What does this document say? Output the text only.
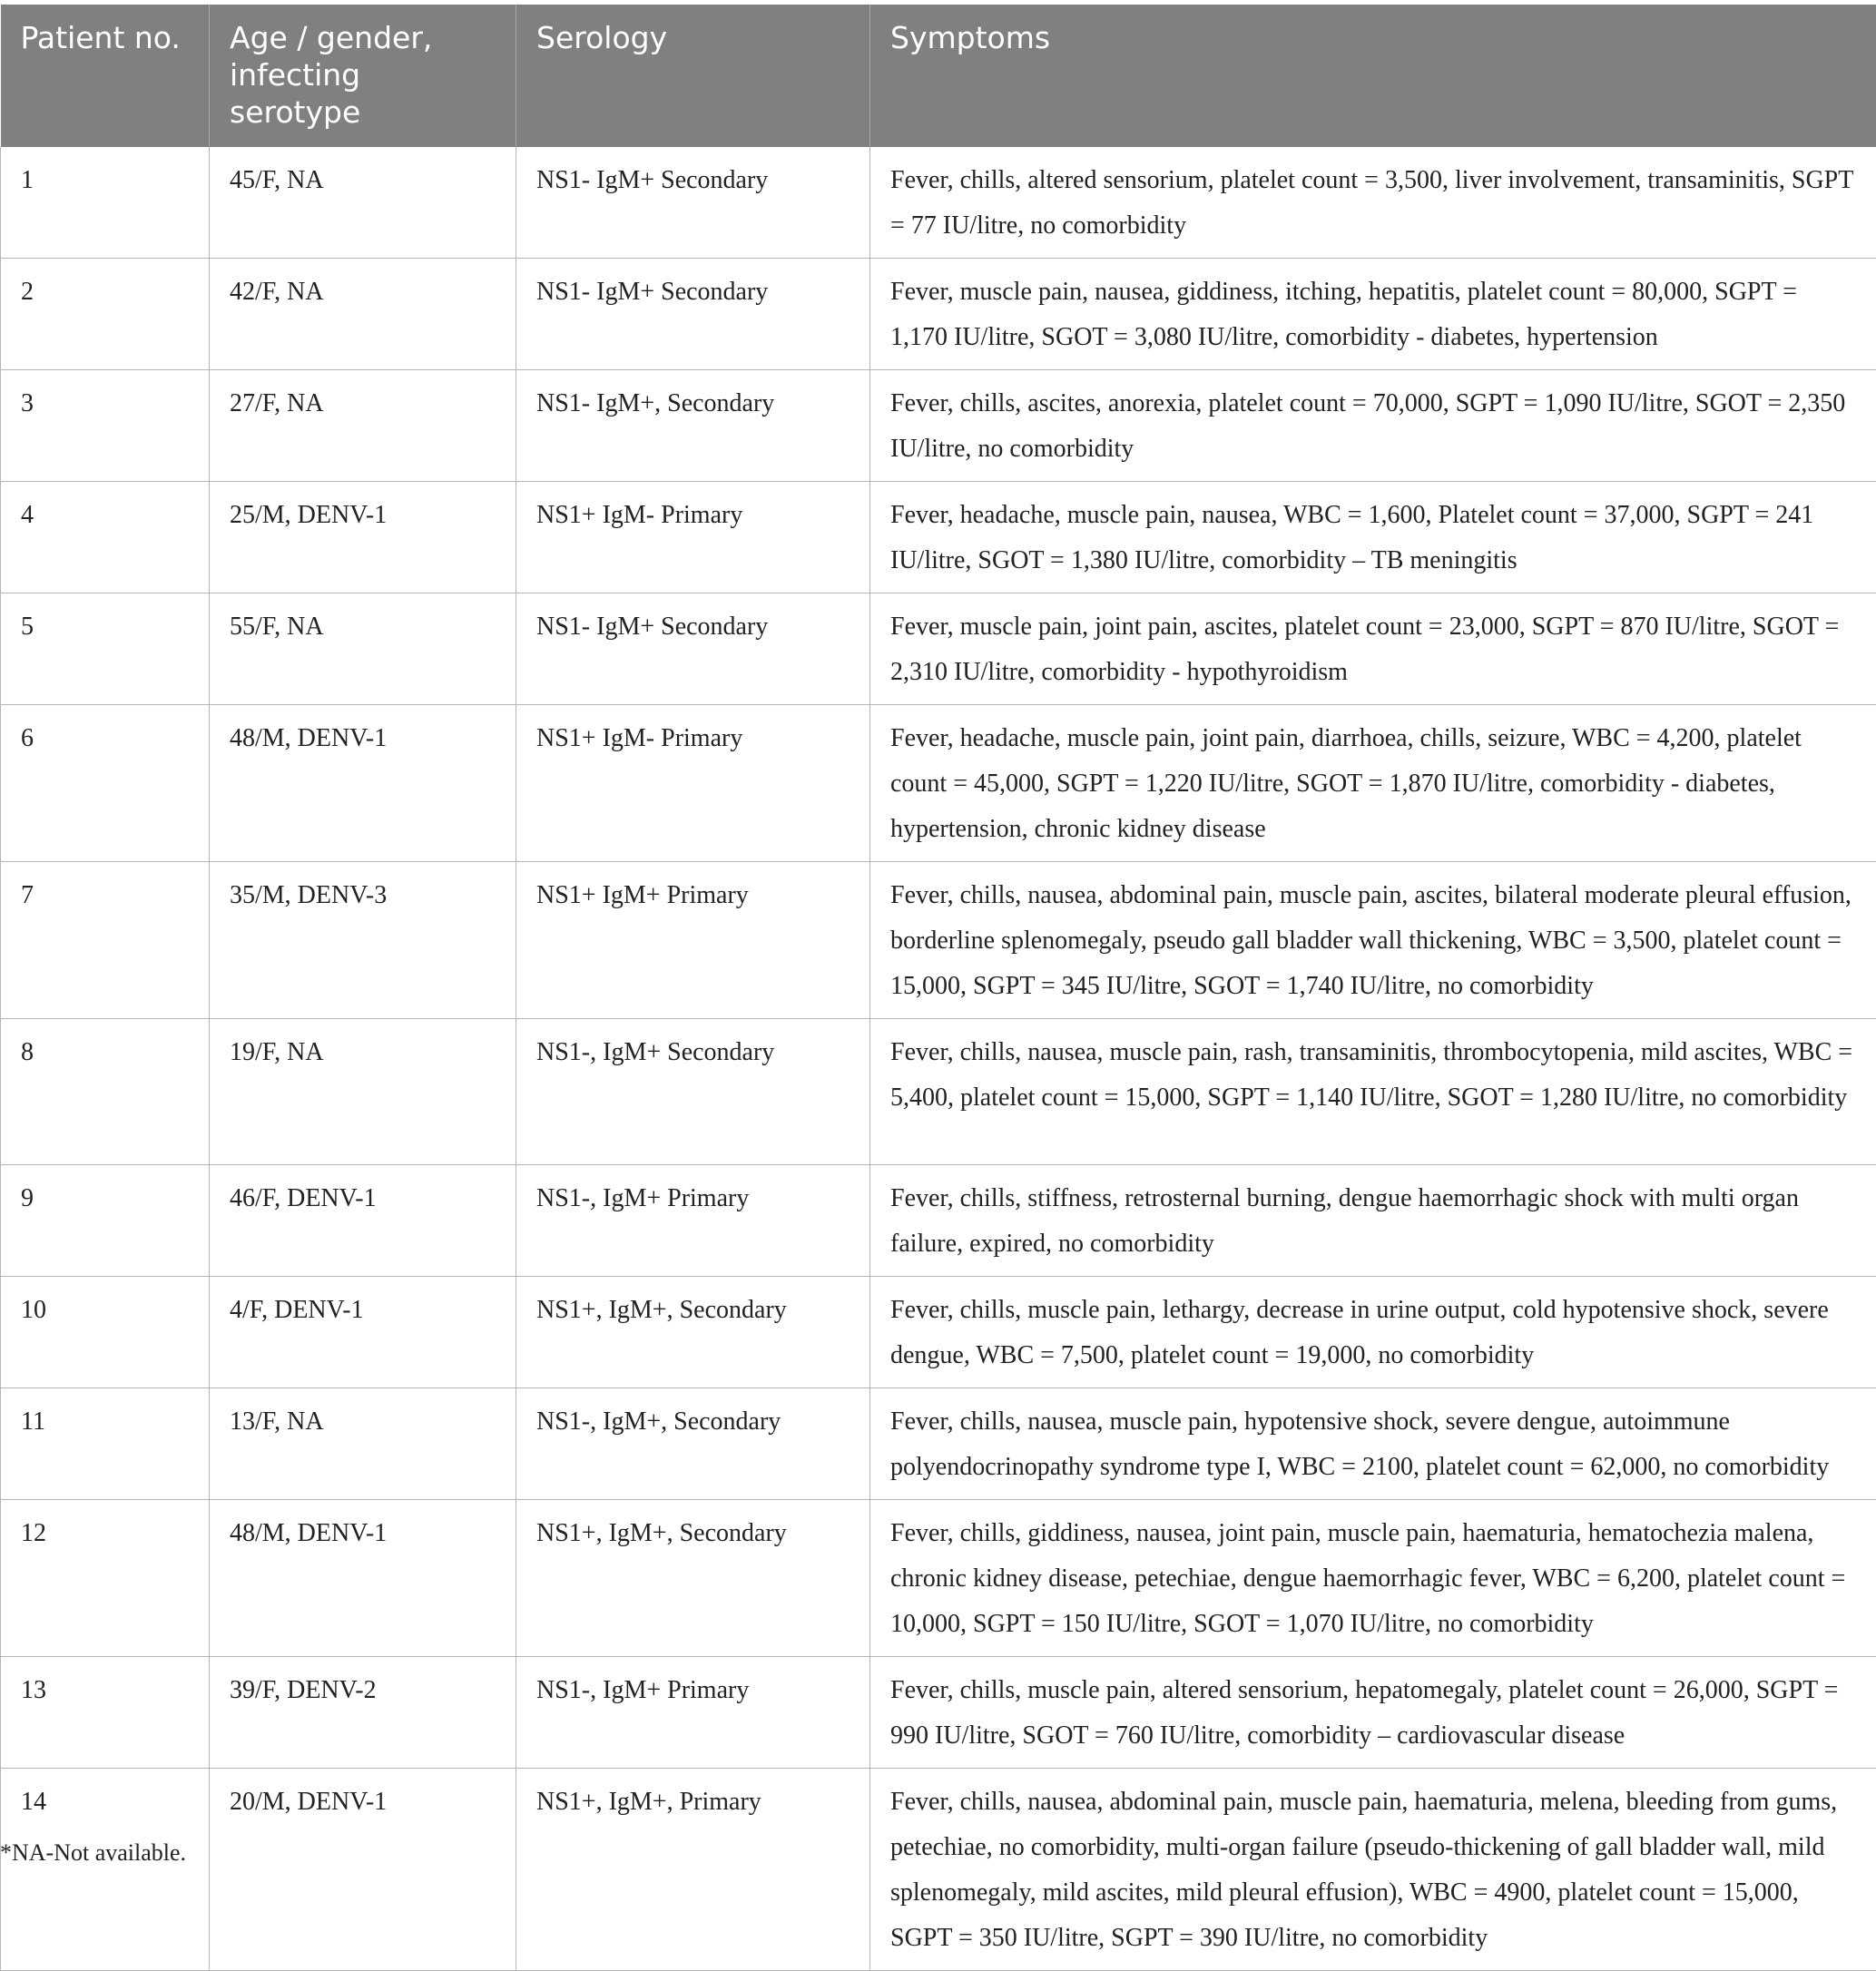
Patient no.	Age / gender, infecting serotype	Serology	Symptoms
1	45/F, NA	NS1- IgM+ Secondary	Fever, chills, altered sensorium, platelet count = 3,500, liver involvement, transaminitis, SGPT = 77 IU/litre, no comorbidity
2	42/F, NA	NS1- IgM+ Secondary	Fever, muscle pain, nausea, giddiness, itching, hepatitis, platelet count = 80,000, SGPT = 1,170 IU/litre, SGOT = 3,080 IU/litre, comorbidity - diabetes, hypertension
3	27/F, NA	NS1- IgM+, Secondary	Fever, chills, ascites, anorexia, platelet count = 70,000, SGPT = 1,090 IU/litre, SGOT = 2,350 IU/litre, no comorbidity
4	25/M, DENV-1	NS1+ IgM- Primary	Fever, headache, muscle pain, nausea, WBC = 1,600, Platelet count = 37,000, SGPT = 241 IU/litre, SGOT = 1,380 IU/litre, comorbidity – TB meningitis
5	55/F, NA	NS1- IgM+ Secondary	Fever, muscle pain, joint pain, ascites, platelet count = 23,000, SGPT = 870 IU/litre, SGOT = 2,310 IU/litre, comorbidity - hypothyroidism
6	48/M, DENV-1	NS1+ IgM- Primary	Fever, headache, muscle pain, joint pain, diarrhoea, chills, seizure, WBC = 4,200, platelet count = 45,000, SGPT = 1,220 IU/litre, SGOT = 1,870 IU/litre, comorbidity - diabetes, hypertension, chronic kidney disease
7	35/M, DENV-3	NS1+ IgM+ Primary	Fever, chills, nausea, abdominal pain, muscle pain, ascites, bilateral moderate pleural effusion, borderline splenomegaly, pseudo gall bladder wall thickening, WBC = 3,500, platelet count = 15,000, SGPT = 345 IU/litre, SGOT = 1,740 IU/litre, no comorbidity
8	19/F, NA	NS1-, IgM+ Secondary	Fever, chills, nausea, muscle pain, rash, transaminitis, thrombocytopenia, mild ascites, WBC = 5,400, platelet count = 15,000, SGPT = 1,140 IU/litre, SGOT = 1,280 IU/litre, no comorbidity
9	46/F, DENV-1	NS1-, IgM+ Primary	Fever, chills, stiffness, retrosternal burning, dengue haemorrhagic shock with multi organ failure, expired, no comorbidity
10	4/F, DENV-1	NS1+, IgM+, Secondary	Fever, chills, muscle pain, lethargy, decrease in urine output, cold hypotensive shock, severe dengue, WBC = 7,500, platelet count = 19,000, no comorbidity
11	13/F, NA	NS1-, IgM+, Secondary	Fever, chills, nausea, muscle pain, hypotensive shock, severe dengue, autoimmune polyendocrinopathy syndrome type I, WBC = 2100, platelet count = 62,000, no comorbidity
12	48/M, DENV-1	NS1+, IgM+, Secondary	Fever, chills, giddiness, nausea, joint pain, muscle pain, haematuria, hematochezia malena, chronic kidney disease, petechiae, dengue haemorrhagic fever, WBC = 6,200, platelet count = 10,000, SGPT = 150 IU/litre, SGOT = 1,070 IU/litre, no comorbidity
13	39/F, DENV-2	NS1-, IgM+ Primary	Fever, chills, muscle pain, altered sensorium, hepatomegaly, platelet count = 26,000, SGPT = 990 IU/litre, SGOT = 760 IU/litre, comorbidity – cardiovascular disease
14	20/M, DENV-1	NS1+, IgM+, Primary	Fever, chills, nausea, abdominal pain, muscle pain, haematuria, melena, bleeding from gums, petechiae, no comorbidity, multi-organ failure (pseudo-thickening of gall bladder wall, mild splenomegaly, mild ascites, mild pleural effusion), WBC = 4900, platelet count = 15,000, SGPT = 350 IU/litre, SGPT = 390 IU/litre, no comorbidity
*NA-Not available.
